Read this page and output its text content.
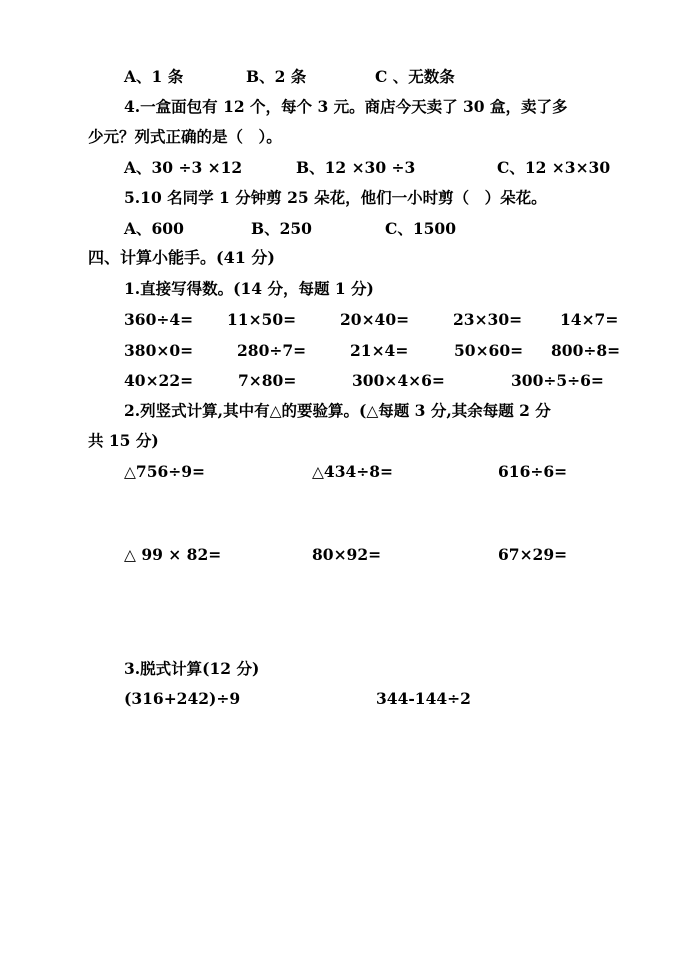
A、1 条	B、2 条	C 、无数条
4.一盒面包有 12 个，每个 3 元。商店今天卖了 30 盒，卖了多
少元？列式正确的是（　）。
A、30 ÷3 ×12	B、12 ×30 ÷3	C、12 ×3×30
5.10 名同学 1 分钟剪 25 朵花，他们一小时剪（　）朵花。
A、600	B、250	C、1500
四、计算小能手。(41 分)
1.直接写得数。(14 分，每题 1 分)
360÷4= 11×50=	20×40=	23×30= 14×7=
380×0=	280÷7=	21×4=	50×60= 800÷8=
40×22=	7×80=	300×4×6=	300÷5÷6=
2.列竖式计算,其中有△的要验算。(△每题 3 分,其余每题 2 分
共 15 分)
△756÷9=	△434÷8=	616÷6=
△ 99 × 82=	80×92=	67×29=
3.脱式计算(12 分)
(316+242)÷9	344-144÷2
